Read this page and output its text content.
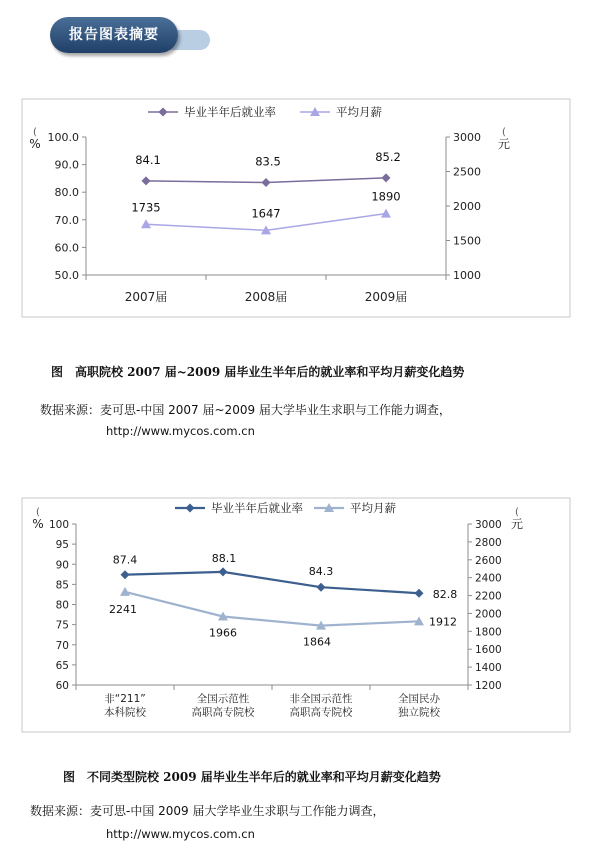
报告图表摘要
50.0
60.0
70.0
80.0
90.0
100.0
1000
1500
2000
2500
3000
2007届	2008届	2009届
%	元
(	(
84.1	83.5	85.2
毕业半年后就业率
1735	1647
1890
平均月薪
图　高职院校 2007 届~2009 届毕业生半年后的就业率和平均月薪变化趋势
数据来源：麦可思-中国 2007 届~2009 届大学毕业生求职与工作能力调查，
http://www.mycos.com.cn
60
65
70
75
80
85
90
95
100
1200
1400
1600
1800
2000
2200
2400
2600
2800
3000
非“211”本科院校
全国示范性高职高专院校
非全国示范性高职高专院校
全国民办独立院校
%	元
(	(
87.4	88.1
84.3
82.8
毕业半年后就业率
2241
1966
1864
1912
平均月薪
图　不同类型院校 2009 届毕业生半年后的就业率和平均月薪变化趋势
数据来源：麦可思-中国 2009 届大学毕业生求职与工作能力调查，
http://www.mycos.com.cn
